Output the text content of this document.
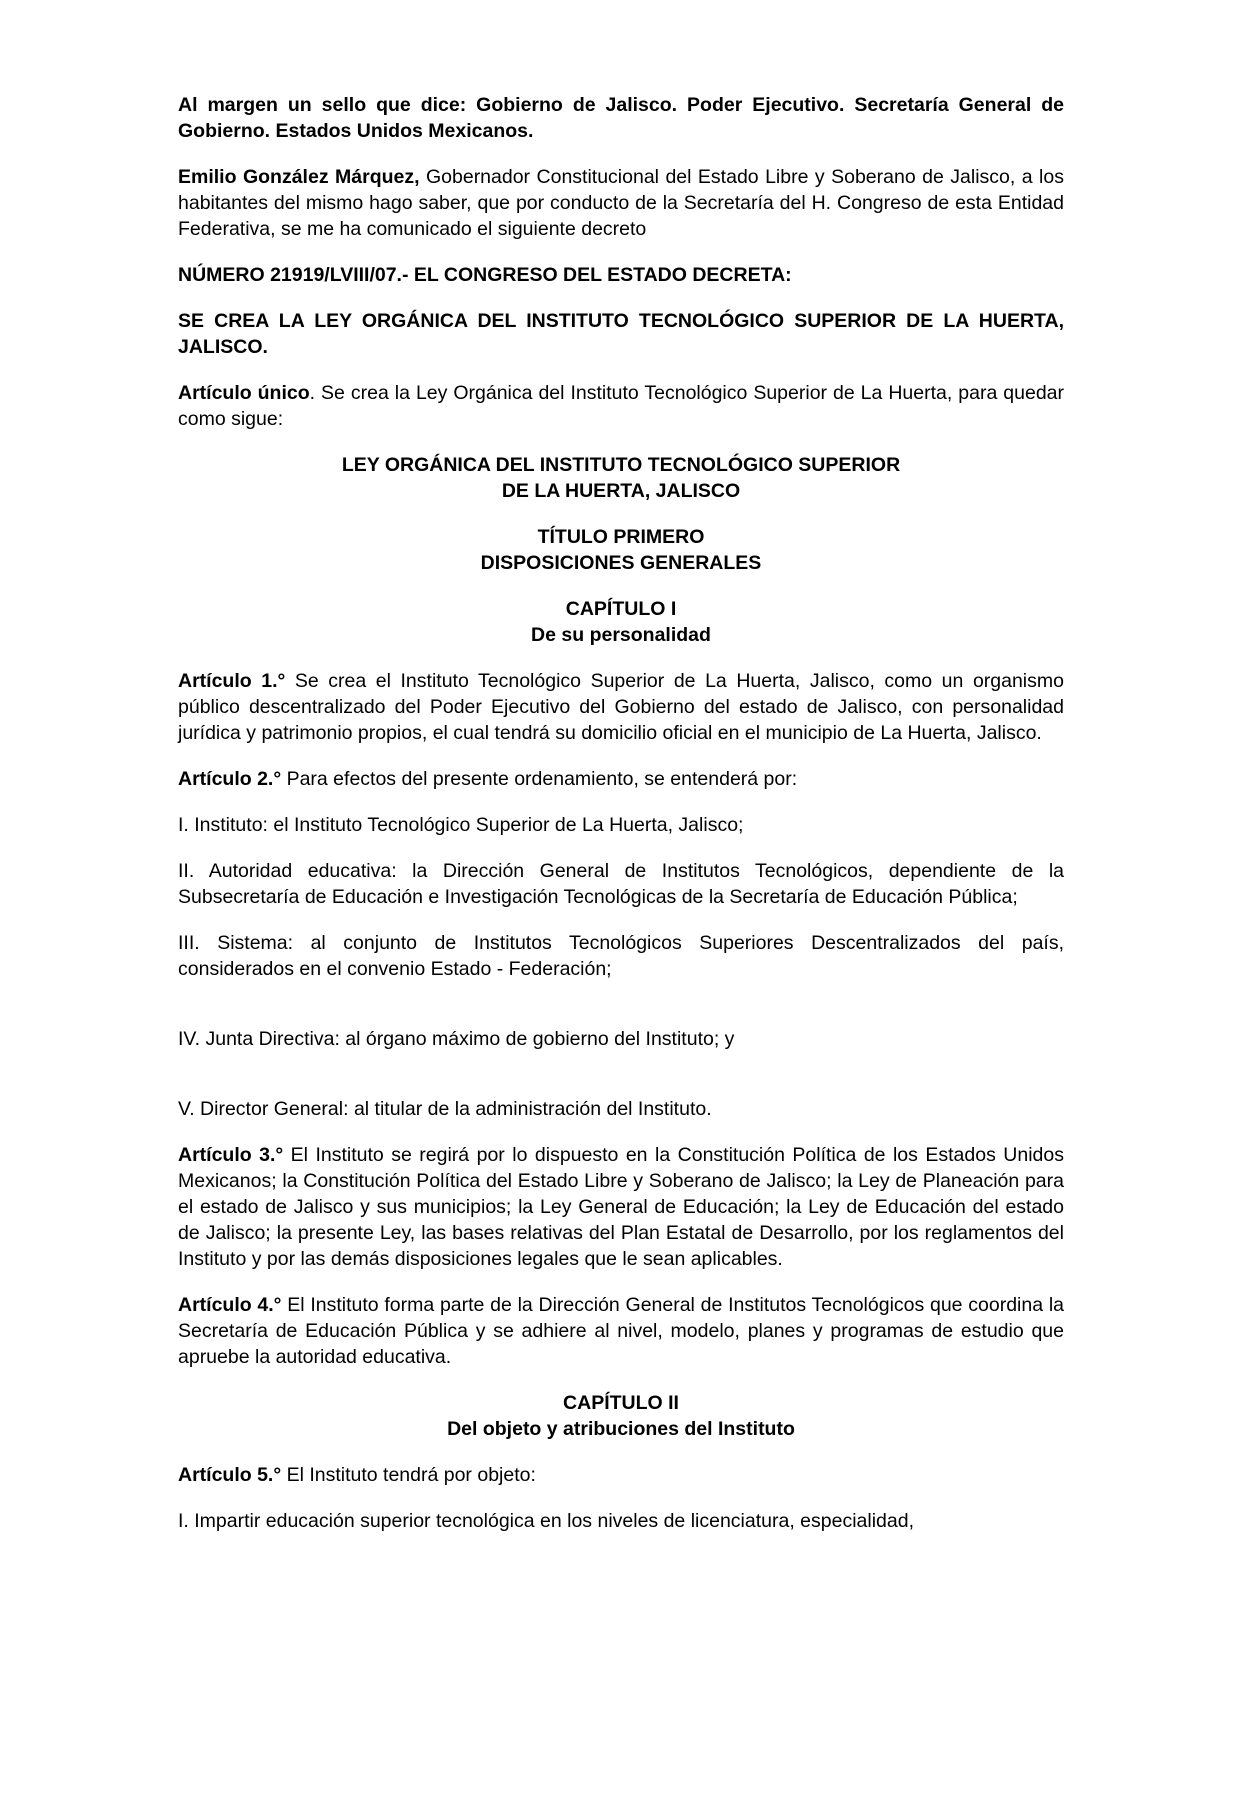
Al margen un sello que dice: Gobierno de Jalisco. Poder Ejecutivo. Secretaría General de Gobierno. Estados Unidos Mexicanos.

Emilio González Márquez, Gobernador Constitucional del Estado Libre y Soberano de Jalisco, a los habitantes del mismo hago saber, que por conducto de la Secretaría del H. Congreso de esta Entidad Federativa, se me ha comunicado el siguiente decreto

NÚMERO 21919/LVIII/07.- EL CONGRESO DEL ESTADO DECRETA:

SE CREA LA LEY ORGÁNICA DEL INSTITUTO TECNOLÓGICO SUPERIOR DE LA HUERTA, JALISCO.

Artículo único. Se crea la Ley Orgánica del Instituto Tecnológico Superior de La Huerta, para quedar como sigue:

LEY ORGÁNICA DEL INSTITUTO TECNOLÓGICO SUPERIOR
DE LA HUERTA, JALISCO
TÍTULO PRIMERO
DISPOSICIONES GENERALES
CAPÍTULO I
De su personalidad

Artículo 1.° Se crea el Instituto Tecnológico Superior de La Huerta, Jalisco, como un organismo público descentralizado del Poder Ejecutivo del Gobierno del estado de Jalisco, con personalidad jurídica y patrimonio propios, el cual tendrá su domicilio oficial en el municipio de La Huerta, Jalisco.

Artículo 2.° Para efectos del presente ordenamiento, se entenderá por:

I. Instituto: el Instituto Tecnológico Superior de La Huerta, Jalisco;

II. Autoridad educativa: la Dirección General de Institutos Tecnológicos, dependiente de la Subsecretaría de Educación e Investigación Tecnológicas de la Secretaría de Educación Pública;

III. Sistema: al conjunto de Institutos Tecnológicos Superiores Descentralizados del país, considerados en el convenio Estado - Federación;

IV. Junta Directiva: al órgano máximo de gobierno del Instituto; y

V. Director General: al titular de la administración del Instituto.

Artículo 3.° El Instituto se regirá por lo dispuesto en la Constitución Política de los Estados Unidos Mexicanos; la Constitución Política del Estado Libre y Soberano de Jalisco; la Ley de Planeación para el estado de Jalisco y sus municipios; la Ley General de Educación; la Ley de Educación del estado de Jalisco; la presente Ley, las bases relativas del Plan Estatal de Desarrollo, por los reglamentos del Instituto y por las demás disposiciones legales que le sean aplicables.

Artículo 4.° El Instituto forma parte de la Dirección General de Institutos Tecnológicos que coordina la Secretaría de Educación Pública y se adhiere al nivel, modelo, planes y programas de estudio que apruebe la autoridad educativa.

CAPÍTULO II
Del objeto y atribuciones del Instituto

Artículo 5.° El Instituto tendrá por objeto:

I. Impartir educación superior tecnológica en los niveles de licenciatura, especialidad,
